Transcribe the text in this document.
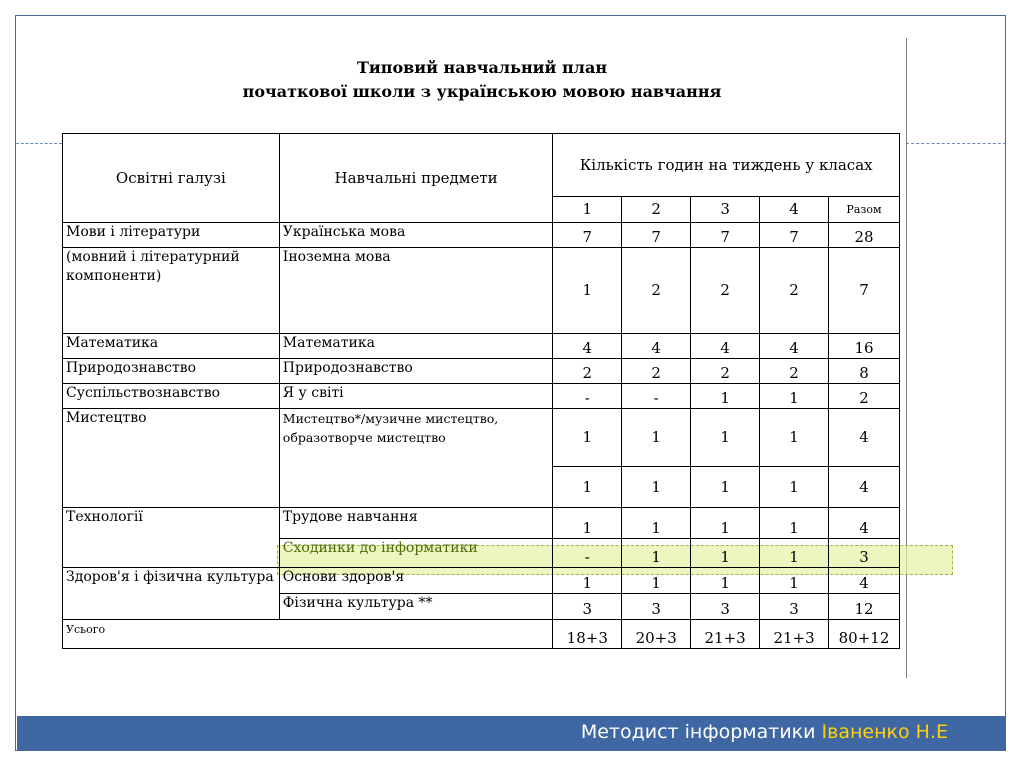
Типовий навчальний план
початкової школи з українською мовою навчання
Освітні галузі	Навчальні предмети	Кількість годин на тиждень у класах				
		1	2	3	4	Разом
Мови і літератури	Українська мова	7	7	7	7	28
(мовний і літературний компоненти)	Іноземна мова	1	2	2	2	7
Математика	Математика	4	4	4	4	16
Природознавство	Природознавство	2	2	2	2	8
Суспільствознавство	Я у світі	-	-	1	1	2
Мистецтво	Мистецтво*/музичне мистецтво, образотворче мистецтво	1	1	1	1	4
		1	1	1	1	4
Технології	Трудове навчання	1	1	1	1	4
	Сходинки до інформатики	-	1	1	1	3
Здоров'я і фізична культура	Основи здоров'я	1	1	1	1	4
	Фізична культура **	3	3	3	3	12
Усього		18+3	20+3	21+3	21+3	80+12
Методист інформатики Іваненко Н.Е
